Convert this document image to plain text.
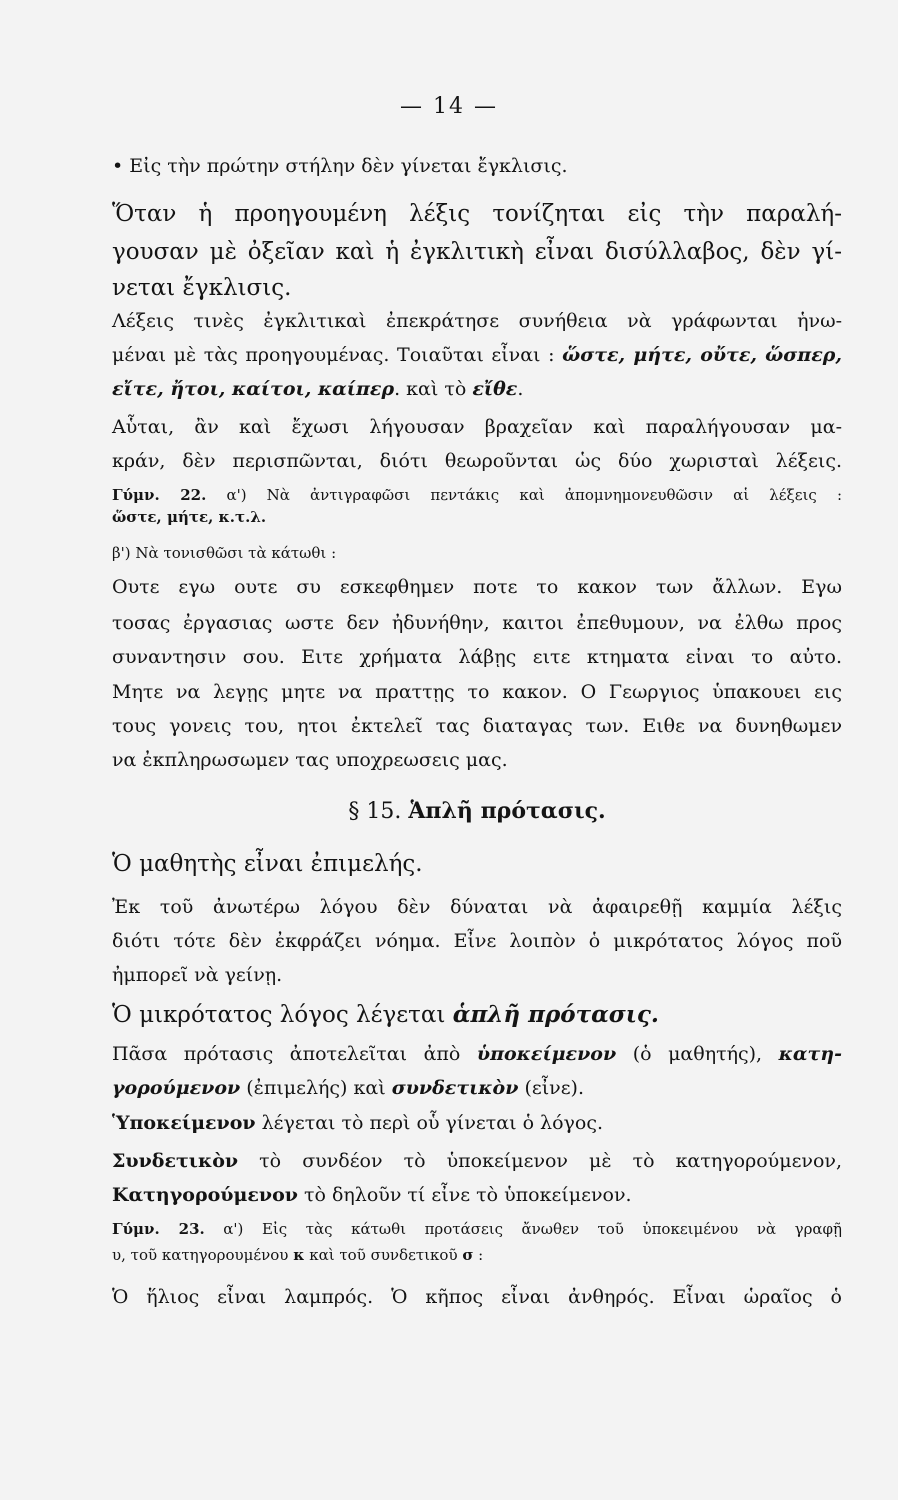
— 14 —
• Εἰς τὴν πρώτην στήλην δὲν γίνεται ἔγκλισις.
Ὅταν ἡ προηγουμένη λέξις τονίζηται εἰς τὴν παραλή-
γουσαν μὲ ὀξεῖαν καὶ ἡ ἐγκλιτικὴ εἶναι δισύλλαβος, δὲν γί-
νεται ἔγκλισις.
Λέξεις τινὲς ἐγκλιτικαὶ ἐπεκράτησε συνήθεια νὰ γράφωνται ἡνω-
μέναι μὲ τὰς προηγουμένας. Τοιαῦται εἶναι : ὥστε, μήτε, οὔτε, ὥσπερ,
εἴτε, ἤτοι, καίτοι, καίπερ. καὶ τὸ εἴθε.
Αὗται, ἂν καὶ ἔχωσι λήγουσαν βραχεῖαν καὶ παραλήγουσαν μα-
κράν, δὲν περισπῶνται, διότι θεωροῦνται ὡς δύο χωρισταὶ λέξεις.
Γύμν. 22. α') Νὰ ἀντιγραφῶσι πεντάκις καὶ ἀπομνημονευθῶσιν αἱ λέξεις :
ὥστε, μήτε, κ.τ.λ.
β') Νὰ τονισθῶσι τὰ κάτωθι :
Ουτε εγω ουτε συ εσκεφθημεν ποτε το κακον των ἄλλων. Εγω
τοσας ἐργασιας ωστε δεν ἠδυνήθην, καιτοι ἐπεθυμουν, να ἐλθω προς
συναντησιν σου. Ειτε χρήματα λάβῃς ειτε κτηματα εἰναι το αὐτο.
Μητε να λεγῃς μητε να πραττῃς το κακον. Ο Γεωργιος ὑπακουει εις
τους γονεις του, ητοι ἐκτελεῖ τας διαταγας των. Ειθε να δυνηθωμεν
να ἐκπληρωσωμεν τας υποχρεωσεις μας.
§ 15. Ἁπλῆ πρότασις.
Ὁ μαθητὴς εἶναι ἐπιμελής.
Ἐκ τοῦ ἀνωτέρω λόγου δὲν δύναται νὰ ἀφαιρεθῇ καμμία λέξις
διότι τότε δὲν ἐκφράζει νόημα. Εἶνε λοιπὸν ὁ μικρότατος λόγος ποῦ
ἠμπορεῖ νὰ γείνῃ.
Ὁ μικρότατος λόγος λέγεται ἁπλῆ πρότασις.
Πᾶσα πρότασις ἀποτελεῖται ἀπὸ ὑποκείμενον (ὁ μαθητής), κατη-
γορούμενον (ἐπιμελής) καὶ συνδετικὸν (εἶνε).
Ὑποκείμενον λέγεται τὸ περὶ οὗ γίνεται ὁ λόγος.
Συνδετικὸν τὸ συνδέον τὸ ὑποκείμενον μὲ τὸ κατηγορούμενον,
Κατηγορούμενον τὸ δηλοῦν τί εἶνε τὸ ὑποκείμενον.
Γύμν. 23. α') Εἰς τὰς κάτωθι προτάσεις ἄνωθεν τοῦ ὑποκειμένου νὰ γραφῇ
υ, τοῦ κατηγορουμένου κ καὶ τοῦ συνδετικοῦ σ :
Ὁ ἥλιος εἶναι λαμπρός. Ὁ κῆπος εἶναι ἀνθηρός. Εἶναι ὡραῖος ὁ
